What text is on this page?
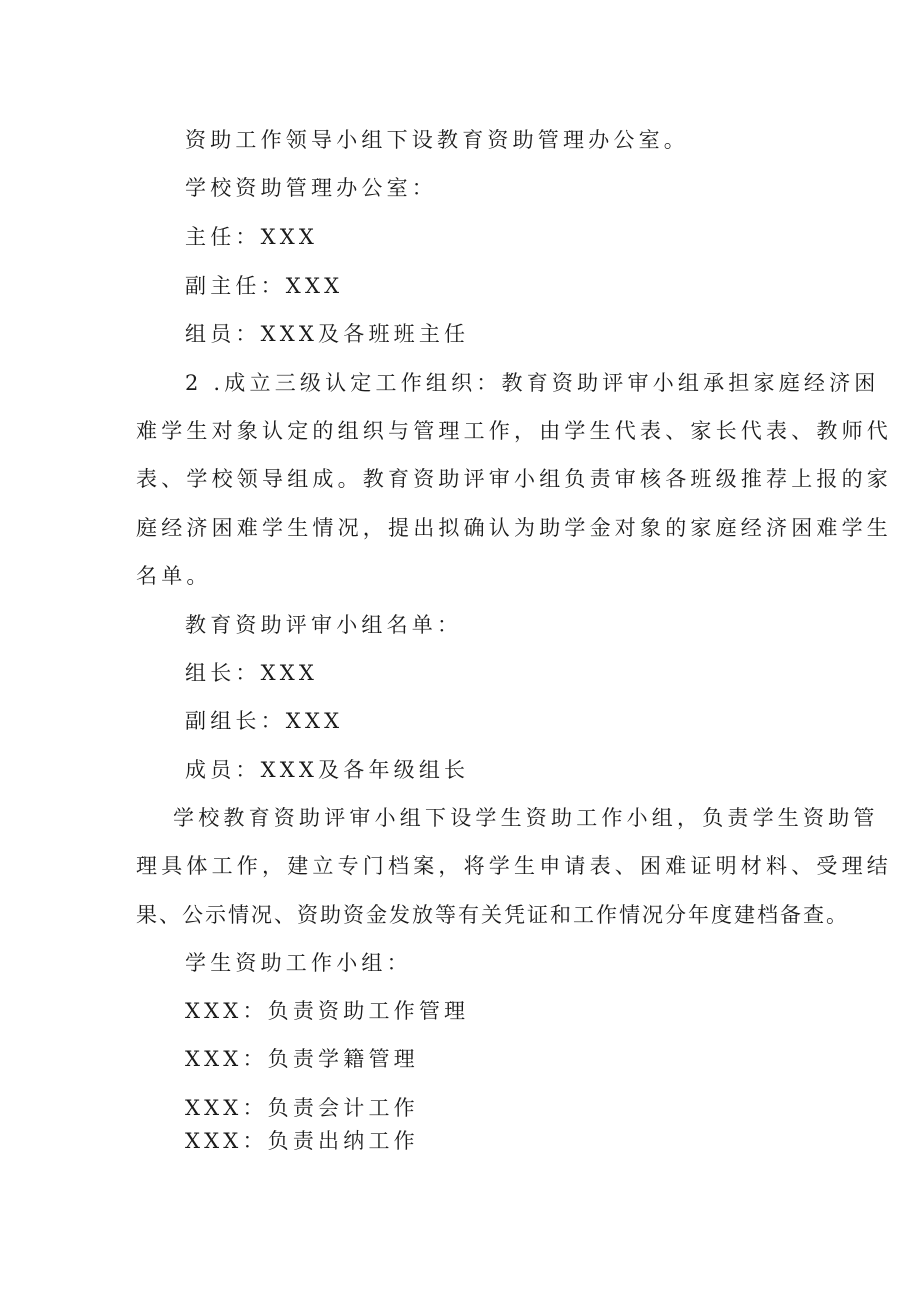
资助工作领导小组下设教育资助管理办公室。
学校资助管理办公室：
主任：XXX
副主任：XXX
组员：XXX及各班班主任
2 .成立三级认定工作组织：教育资助评审小组承担家庭经济困
难学生对象认定的组织与管理工作，由学生代表、家长代表、教师代
表、学校领导组成。教育资助评审小组负责审核各班级推荐上报的家
庭经济困难学生情况，提出拟确认为助学金对象的家庭经济困难学生
名单。
教育资助评审小组名单：
组长：XXX
副组长：XXX
成员：XXX及各年级组长
学校教育资助评审小组下设学生资助工作小组，负责学生资助管
理具体工作，建立专门档案，将学生申请表、困难证明材料、受理结
果、公示情况、资助资金发放等有关凭证和工作情况分年度建档备查。
学生资助工作小组：
XXX：负责资助工作管理
XXX：负责学籍管理
XXX：负责会计工作
XXX：负责出纳工作
